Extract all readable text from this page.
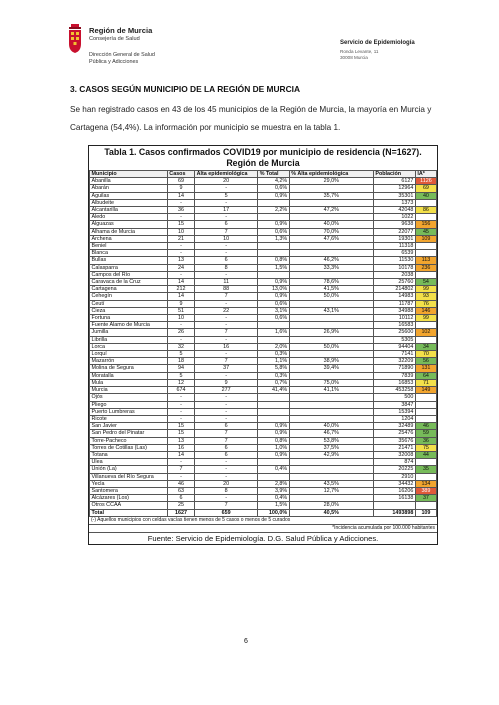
Región de Murcia
Consejería de Salud
Dirección General de Salud
Pública y Adicciones
Servicio de Epidemiología
Ronda Levante, 11
30008 Murcia
3. CASOS SEGÚN MUNICIPIO DE LA REGIÓN DE MURCIA
Se han registrado casos en 43 de los 45 municipios de la Región de Murcia, la mayoría en Murcia y Cartagena (54,4%). La información por municipio se muestra en la tabla 1.
Tabla 1. Casos confirmados COVID19 por municipio de residencia (N=1627).
Región de Murcia
Municipio	Casos	Alta epidemiológica	% Total	% Alta epidemiológica	Población	IA*
Abanilla	69	20	4,2%	29,0%	6127	1126
Abarán	9	-	0,6%		12964	69
Aguilas	14	5	0,9%	35,7%	35301	40
Albudeite	-	-			1373	
Alcantarilla	36	17	2,2%	47,2%	42048	86
Aledo	-	-			1022	
Alguazas	15	6	0,9%	40,0%	9638	156
Alhama de Murcia	10	7	0,6%	70,0%	22077	45
Archena	21	10	1,3%	47,6%	19301	109
Beniel	-	-			11318	
Blanca	-	-			6539	
Bullas	13	6	0,8%	46,2%	11530	113
Calasparra	24	8	1,5%	33,3%	10178	236
Campos del Río	-	-			2038	
Caravaca de la Cruz	14	11	0,9%	78,6%	25760	54
Cartagena	212	88	13,0%	41,5%	214802	99
Cehegín	14	7	0,9%	50,0%	14983	93
Ceutí	9	-	0,6%		11787	76
Cieza	51	22	3,1%	43,1%	34988	146
Fortuna	10	-	0,6%		10112	99
Fuente Alamo de Murcia	-	-			16583	
Jumilla	26	7	1,6%	26,9%	25600	102
Librilla	-	-			5305	
Lorca	32	16	2,0%	50,0%	94404	34
Lorquí	5	-	0,3%		7141	70
Mazarrón	18	7	1,1%	38,9%	32209	56
Molina de Segura	94	37	5,8%	39,4%	71890	131
Moratalla	5	-	0,3%		7839	64
Mula	12	9	0,7%	75,0%	16853	71
Murcia	674	277	41,4%	41,1%	453258	149
Ojós	-	-			500	
Pliego	-	-			3847	
Puerto Lumbreras	-	-			15394	
Ricote	-	-			1204	
San Javier	15	6	0,9%	40,0%	32489	46
San Pedro del Pinatar	15	7	0,9%	46,7%	25476	59
Torre-Pacheco	13	7	0,8%	53,8%	35676	36
Torres de Cotillas (Las)	16	6	1,0%	37,5%	21471	75
Totana	14	6	0,9%	42,9%	32008	44
Ulea	-	-			874	
Unión (La)	7	-	0,4%		20225	35
Villanueva del Río Segura	-	-			2910	
Yecla	46	20	2,8%	43,5%	34432	134
Santomera	63	8	3,9%	12,7%	16206	389
Alcázares (Los)	6	-	0,4%		16138	37
Otros CCAA	25	7	1,5%	28,0%		
Total	1627	659	100,0%	40,5%	1493898	109
(-) Aquellos municipios con celdas vacías tienen menos de 5 casos o menos de 5 curados
*Incidencia acumulada por 100.000 habitantes
Fuente: Servicio de Epidemiología. D.G. Salud Pública y Adicciones.
6
